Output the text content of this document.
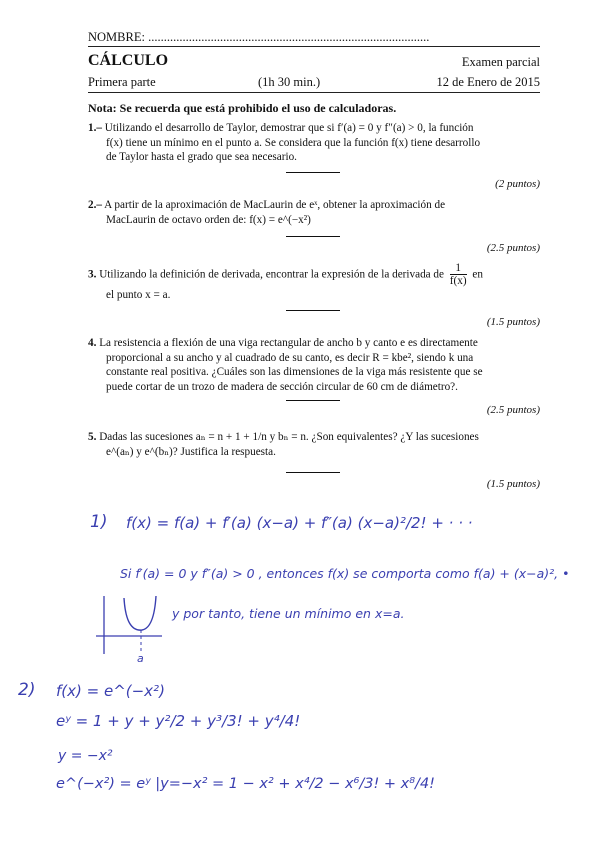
NOMBRE: ..........................................................................................
CÁLCULO	Examen parcial
Primera parte	(1h 30 min.)	12 de Enero de 2015
Nota: Se recuerda que está prohibido el uso de calculadoras.
1.– Utilizando el desarrollo de Taylor, demostrar que si f′(a) = 0 y f″(a) > 0, la función
f(x) tiene un mínimo en el punto a. Se considera que la función f(x) tiene desarrollo
de Taylor hasta el grado que sea necesario.
(2 puntos)
2.– A partir de la aproximación de MacLaurin de eˣ, obtener la aproximación de
MacLaurin de octavo orden de: f(x) = e^(−x²)
(2.5 puntos)
3. Utilizando la definición de derivada, encontrar la expresión de la derivada de $\frac{1}{f(x)}$ en
el punto x = a.
(1.5 puntos)
4. La resistencia a flexión de una viga rectangular de ancho b y canto e es directamente
proporcional a su ancho y al cuadrado de su canto, es decir R = kbe², siendo k una
constante real positiva. ¿Cuáles son las dimensiones de la viga más resistente que se
puede cortar de un trozo de madera de sección circular de 60 cm de diámetro?.
(2.5 puntos)
5. Dadas las sucesiones aₙ = n + 1 + 1/n y bₙ = n. ¿Son equivalentes? ¿Y las sucesiones
e^(aₙ) y e^(bₙ)? Justifica la respuesta.
(1.5 puntos)
1) f(x) = f(a) + f′(a) (x−a) + f″(a) (x−a)²/2! + · · ·
Si f′(a) = 0 y f″(a) > 0 , entonces f(x) se comporta como f(a) + (x−a)², •
a
y por tanto, tiene un mínimo en x=a.
2) f(x) = e^(−x²)
eʸ = 1 + y + y²/2 + y³/3! + y⁴/4!
y = −x²
e^(−x²) = eʸ |y=−x² = 1 − x² + x⁴/2 − x⁶/3! + x⁸/4!
